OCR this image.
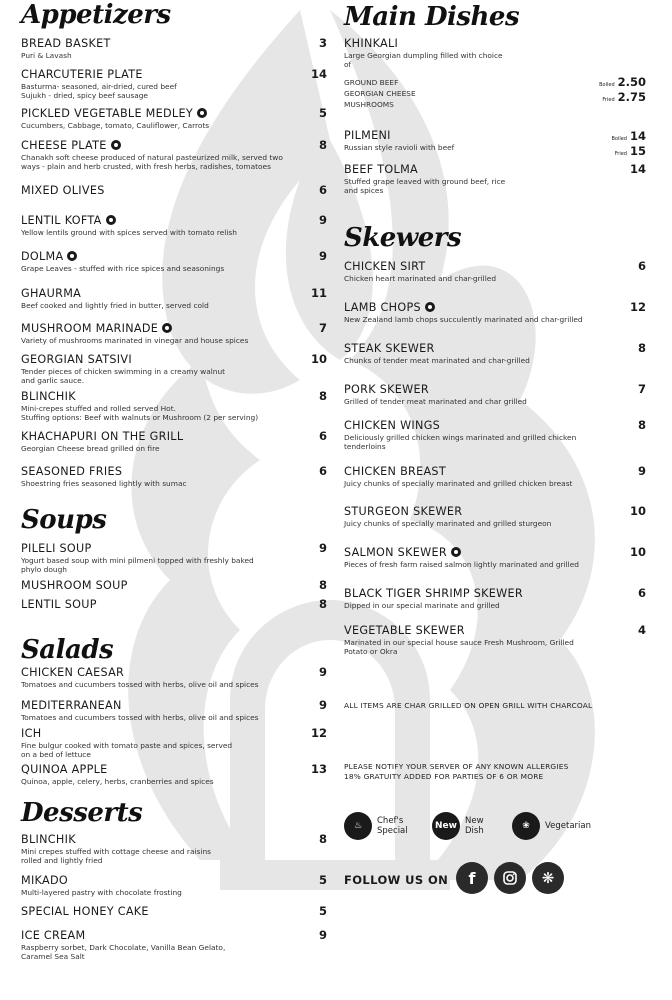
Appetizers
BREAD BASKET
Puri & Lavash
3
CHARCUTERIE PLATE
Basturma- seasoned, air-dried, cured beef
Sujukh - dried, spicy beef sausage
14
PICKLED VEGETABLE MEDLEY
Cucumbers, Cabbage, tomato, Cauliflower, Carrots
5
CHEESE PLATE
Chanakh soft cheese produced of natural pasteurized milk, served two ways - plain and herb crusted, with fresh herbs, radishes, tomatoes
8
MIXED OLIVES	6
LENTIL KOFTA
Yellow lentils ground with spices served with tomato relish
9
DOLMA
Grape Leaves - stuffed with rice spices and seasonings
9
GHAURMA
Beef cooked and lightly fried in butter, served cold
11
MUSHROOM MARINADE
Variety of mushrooms marinated in vinegar and house spices
7
GEORGIAN SATSIVI
Tender pieces of chicken swimming in a creamy walnut
and garlic sauce.
10
BLINCHIK
Mini-crepes stuffed and rolled served Hot.
Stuffing options: Beef with walnuts or Mushroom (2 per serving)
8
KHACHAPURI ON THE GRILL
Georgian Cheese bread grilled on fire
6
SEASONED FRIES
Shoestring fries seasoned lightly with sumac
6
Soups
PILELI SOUP
Yogurt based soup with mini pilmeni topped with freshly baked
phylo dough
9
MUSHROOM SOUP	8
LENTIL SOUP	8
Salads
CHICKEN CAESAR
Tomatoes and cucumbers tossed with herbs, olive oil and spices
9
MEDITERRANEAN
Tomatoes and cucumbers tossed with herbs, olive oil and spices
9
ICH
Fine bulgur cooked with tomato paste and spices, served
on a bed of lettuce
12
QUINOA APPLE
Quinoa, apple, celery, herbs, cranberries and spices
13
Desserts
BLINCHIK
Mini crepes stuffed with cottage cheese and raisins
rolled and lightly fried
8
MIKADO
Multi-layered pastry with chocolate frosting
5
SPECIAL HONEY CAKE	5
ICE CREAM
Raspberry sorbet, Dark Chocolate, Vanilla Bean Gelato,
Caramel Sea Salt
9
Main Dishes
KHINKALI
Large Georgian dumpling filled with choice
of
GROUND BEEF
GEORGIAN CHEESE
MUSHROOMS
Boiled 2.50
Fried 2.75
PILMENI
Russian style ravioli with beef
Boiled 14
Fried 15
BEEF TOLMA
Stuffed grape leaved with ground beef, rice
and spices
14
Skewers
CHICKEN SIRT
Chicken heart marinated and char-grilled
6
LAMB CHOPS
New Zealand lamb chops succulently marinated and char-grilled
12
STEAK SKEWER
Chunks of tender meat marinated and char-grilled
8
PORK SKEWER
Grilled of tender meat marinated and char grilled
7
CHICKEN WINGS
Deliciously grilled chicken wings marinated and grilled chicken
tenderloins
8
CHICKEN BREAST
Juicy chunks of specially marinated and grilled chicken breast
9
STURGEON SKEWER
Juicy chunks of specially marinated and grilled sturgeon
10
SALMON SKEWER
Pieces of fresh farm raised salmon lightly marinated and grilled
10
BLACK TIGER SHRIMP SKEWER
Dipped in our special marinate and grilled
6
VEGETABLE SKEWER
Marinated in our special house sauce Fresh Mushroom, Grilled
Potato or Okra
4
ALL ITEMS ARE CHAR GRILLED ON OPEN GRILL WITH CHARCOAL
PLEASE NOTIFY YOUR SERVER OF ANY KNOWN ALLERGIES
18% GRATUITY ADDED FOR PARTIES OF 6 OR MORE
♨	Chef's
Special	New New
Dish	❀	Vegetarian
FOLLOW US ON	f	❋
